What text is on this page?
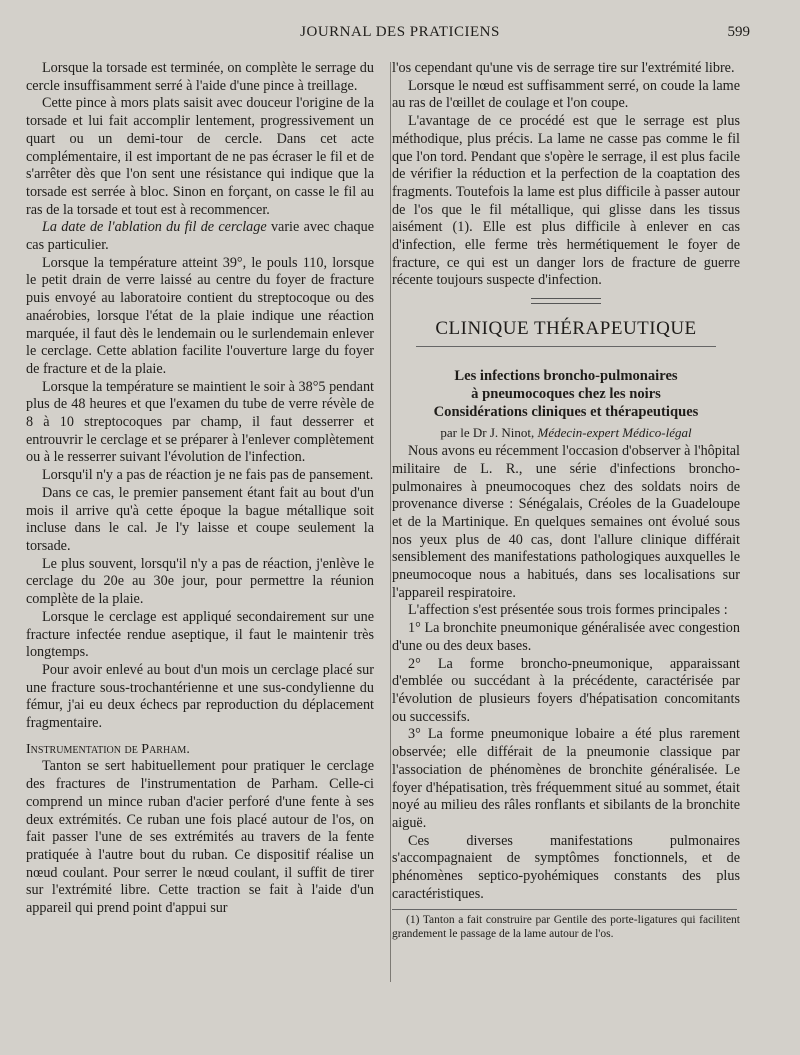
JOURNAL DES PRATICIENS	599

Lorsque la torsade est terminée, on complète le serrage du cercle insuffisamment serré à l'aide d'une pince à treillage.

Cette pince à mors plats saisit avec douceur l'origine de la torsade et lui fait accomplir lentement, progressivement un quart ou un demi-tour de cercle. Dans cet acte complémentaire, il est important de ne pas écraser le fil et de s'arrêter dès que l'on sent une résistance qui indique que la torsade est serrée à bloc. Sinon en forçant, on casse le fil au ras de la torsade et tout est à recommencer.

La date de l'ablation du fil de cerclage varie avec chaque cas particulier.

Lorsque la température atteint 39°, le pouls 110, lorsque le petit drain de verre laissé au centre du foyer de fracture puis envoyé au laboratoire contient du streptocoque ou des anaérobies, lorsque l'état de la plaie indique une réaction marquée, il faut dès le lendemain ou le surlendemain enlever le cerclage. Cette ablation facilite l'ouverture large du foyer de fracture et de la plaie.

Lorsque la température se maintient le soir à 38°5 pendant plus de 48 heures et que l'examen du tube de verre révèle de 8 à 10 streptocoques par champ, il faut desserrer et entrouvrir le cerclage et se préparer à l'enlever complètement ou à le resserrer suivant l'évolution de l'infection.

Lorsqu'il n'y a pas de réaction je ne fais pas de pansement.

Dans ce cas, le premier pansement étant fait au bout d'un mois il arrive qu'à cette époque la bague métallique soit incluse dans le cal. Je l'y laisse et coupe seulement la torsade.

Le plus souvent, lorsqu'il n'y a pas de réaction, j'enlève le cerclage du 20e au 30e jour, pour permettre la réunion complète de la plaie.

Lorsque le cerclage est appliqué secondairement sur une fracture infectée rendue aseptique, il faut le maintenir très longtemps.

Pour avoir enlevé au bout d'un mois un cerclage placé sur une fracture sous-trochantérienne et une sus-condylienne du fémur, j'ai eu deux échecs par reproduction du déplacement fragmentaire.

Instrumentation de Parham.

Tanton se sert habituellement pour pratiquer le cerclage des fractures de l'instrumentation de Parham. Celle-ci comprend un mince ruban d'acier perforé d'une fente à ses deux extrémités. Ce ruban une fois placé autour de l'os, on fait passer l'une de ses extrémités au travers de la fente pratiquée à l'autre bout du ruban. Ce dispositif réalise un nœud coulant. Pour serrer le nœud coulant, il suffit de tirer sur l'extrémité libre. Cette traction se fait à l'aide d'un appareil qui prend point d'appui sur

l'os cependant qu'une vis de serrage tire sur l'extrémité libre.

Lorsque le nœud est suffisamment serré, on coude la lame au ras de l'œillet de coulage et l'on coupe.

L'avantage de ce procédé est que le serrage est plus méthodique, plus précis. La lame ne casse pas comme le fil que l'on tord. Pendant que s'opère le serrage, il est plus facile de vérifier la réduction et la perfection de la coaptation des fragments. Toutefois la lame est plus difficile à passer autour de l'os que le fil métallique, qui glisse dans les tissus aisément (1). Elle est plus difficile à enlever en cas d'infection, elle ferme très hermétiquement le foyer de fracture, ce qui est un danger lors de fracture de guerre récente toujours suspecte d'infection.

CLINIQUE THÉRAPEUTIQUE
Les infections broncho-pulmonaires
à pneumocoques chez les noirs
Considérations cliniques et thérapeutiques
par le Dr J. Ninot, Médecin-expert Médico-légal

Nous avons eu récemment l'occasion d'observer à l'hôpital militaire de L. R., une série d'infections broncho-pulmonaires à pneumocoques chez des soldats noirs de provenance diverse : Sénégalais, Créoles de la Guadeloupe et de la Martinique. En quelques semaines ont évolué sous nos yeux plus de 40 cas, dont l'allure clinique différait sensiblement des manifestations pathologiques auxquelles le pneumocoque nous a habitués, dans ses localisations sur l'appareil respiratoire.

L'affection s'est présentée sous trois formes principales :

1° La bronchite pneumonique généralisée avec congestion d'une ou des deux bases.

2° La forme broncho-pneumonique, apparaissant d'emblée ou succédant à la précédente, caractérisée par l'évolution de plusieurs foyers d'hépatisation concomitants ou successifs.

3° La forme pneumonique lobaire a été plus rarement observée; elle différait de la pneumonie classique par l'association de phénomènes de bronchite généralisée. Le foyer d'hépatisation, très fréquemment situé au sommet, était noyé au milieu des râles ronflants et sibilants de la bronchite aiguë.

Ces diverses manifestations pulmonaires s'accompagnaient de symptômes fonctionnels, et de phénomènes septico-pyohémiques constants des plus caractéristiques.

(1) Tanton a fait construire par Gentile des porte-ligatures qui facilitent grandement le passage de la lame autour de l'os.
